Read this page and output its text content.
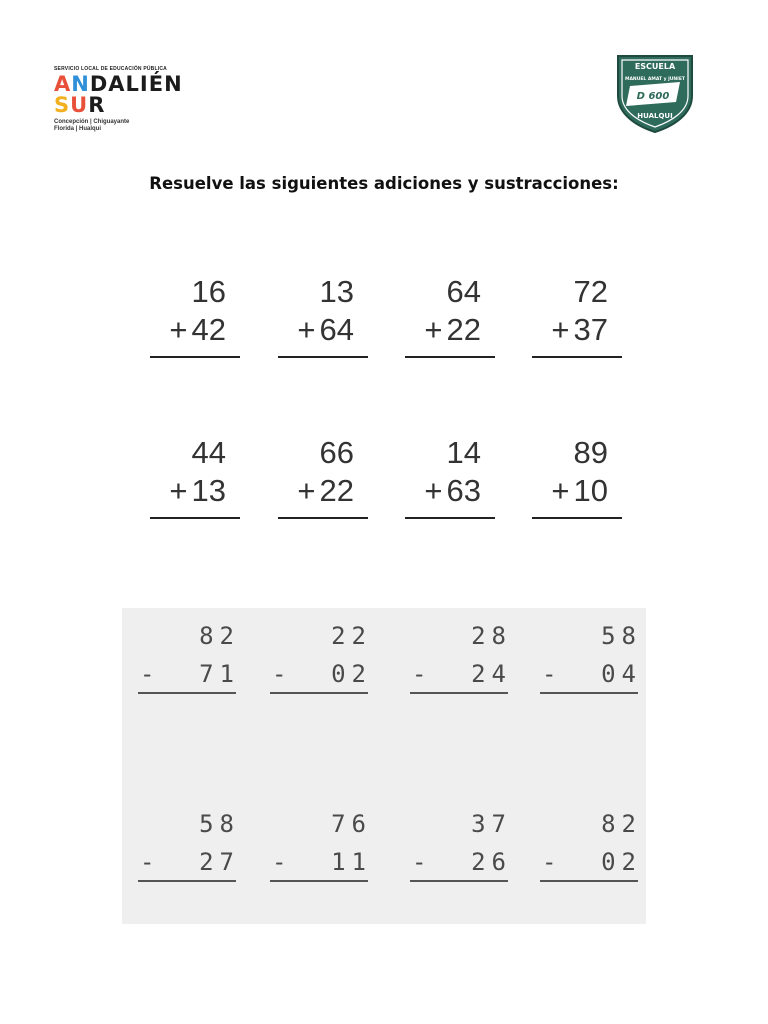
SERVICIO LOCAL DE EDUCACIÓN PÚBLICA
ANDALIÉN
SUR
Concepción | Chiguayante
Florida | Hualqui
ESCUELA
MANUEL AMAT y JUNIET
D 600
HUALQUI
Resuelve las siguientes adiciones y sustracciones:
16
+ 42
13
+ 64
64
+ 22
72
+ 37
44
+ 13
66
+ 22
14
+ 63
89
+ 10
82
- 71
22
- 02
28
- 24
58
- 04
58
- 27
76
- 11
37
- 26
82
- 02
